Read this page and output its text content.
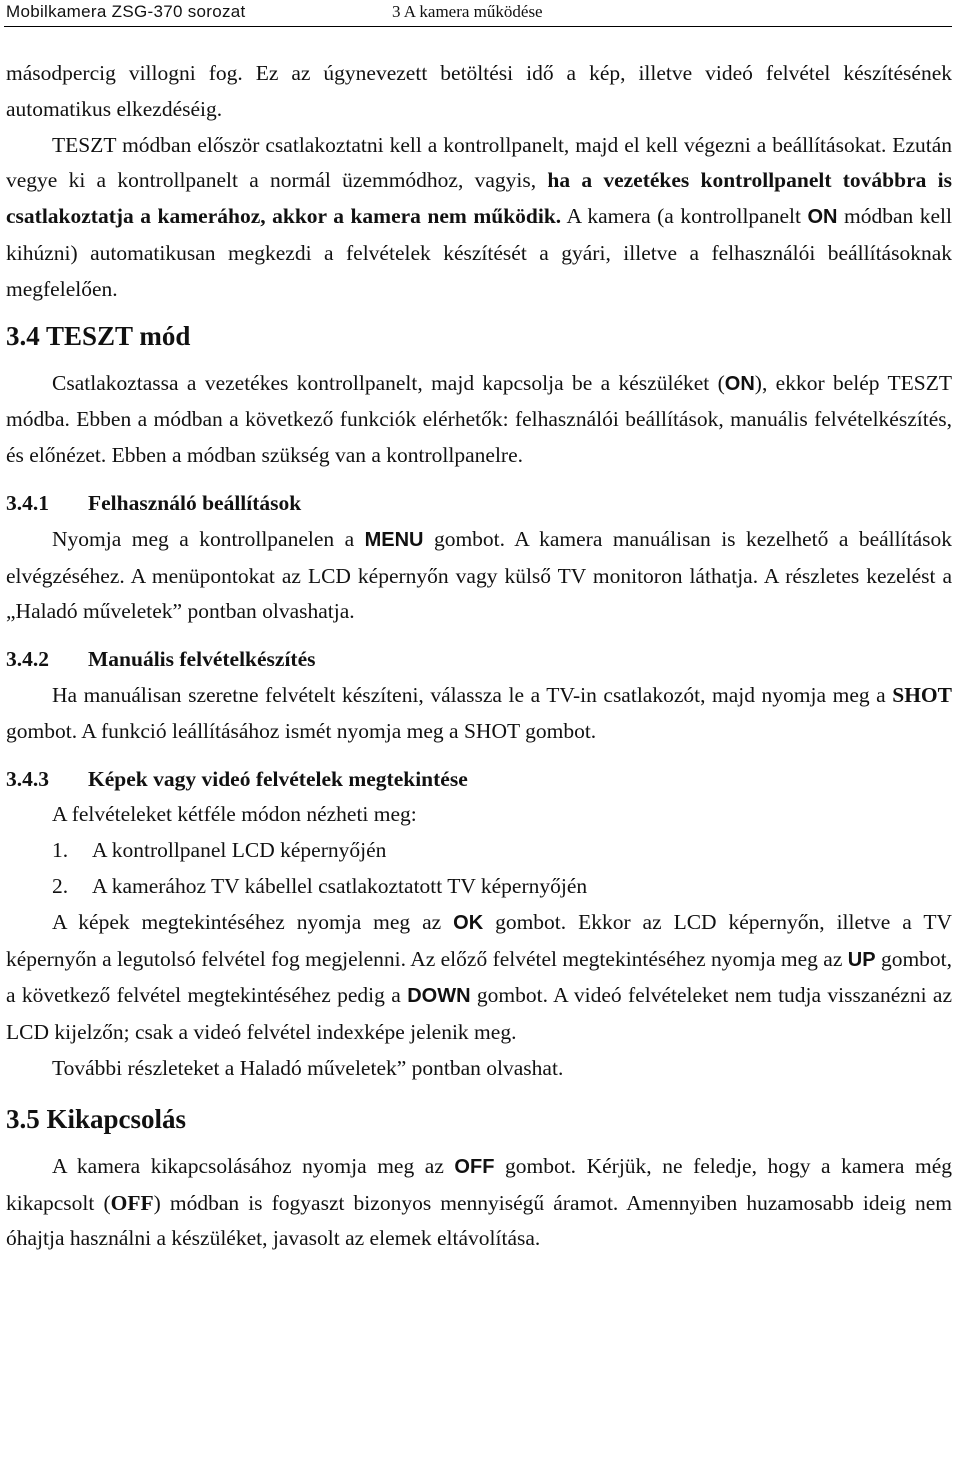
Mobilkamera ZSG-370 sorozat	3 A kamera működése

másodpercig villogni fog. Ez az úgynevezett betöltési idő a kép, illetve videó felvétel készítésének automatikus elkezdéséig.

TESZT módban először csatlakoztatni kell a kontrollpanelt, majd el kell végezni a beállításokat. Ezután vegye ki a kontrollpanelt a normál üzemmódhoz, vagyis, ha a vezetékes kontrollpanelt továbbra is csatlakoztatja a kamerához, akkor a kamera nem működik. A kamera (a kontrollpanelt ON módban kell kihúzni) automatikusan megkezdi a felvételek készítését a gyári, illetve a felhasználói beállításoknak megfelelően.

3.4 TESZT mód

Csatlakoztassa a vezetékes kontrollpanelt, majd kapcsolja be a készüléket (ON), ekkor belép TESZT módba. Ebben a módban a következő funkciók elérhetők: felhasználói beállítások, manuális felvételkészítés, és előnézet. Ebben a módban szükség van a kontrollpanelre.

3.4.1 Felhasználó beállítások

Nyomja meg a kontrollpanelen a MENU gombot. A kamera manuálisan is kezelhető a beállítások elvégzéséhez. A menüpontokat az LCD képernyőn vagy külső TV monitoron láthatja. A részletes kezelést a „Haladó műveletek” pontban olvashatja.

3.4.2 Manuális felvételkészítés

Ha manuálisan szeretne felvételt készíteni, válassza le a TV-in csatlakozót, majd nyomja meg a SHOT gombot. A funkció leállításához ismét nyomja meg a SHOT gombot.

3.4.3 Képek vagy videó felvételek megtekintése

A felvételeket kétféle módon nézheti meg:

1. A kontrollpanel LCD képernyőjén
2. A kamerához TV kábellel csatlakoztatott TV képernyőjén

A képek megtekintéséhez nyomja meg az OK gombot. Ekkor az LCD képernyőn, illetve a TV képernyőn a legutolsó felvétel fog megjelenni. Az előző felvétel megtekintéséhez nyomja meg az UP gombot, a következő felvétel megtekintéséhez pedig a DOWN gombot. A videó felvételeket nem tudja visszanézni az LCD kijelzőn; csak a videó felvétel indexképe jelenik meg.

További részleteket a Haladó műveletek” pontban olvashat.

3.5 Kikapcsolás

A kamera kikapcsolásához nyomja meg az OFF gombot. Kérjük, ne feledje, hogy a kamera még kikapcsolt (OFF) módban is fogyaszt bizonyos mennyiségű áramot. Amennyiben huzamosabb ideig nem óhajtja használni a készüléket, javasolt az elemek eltávolítása.
